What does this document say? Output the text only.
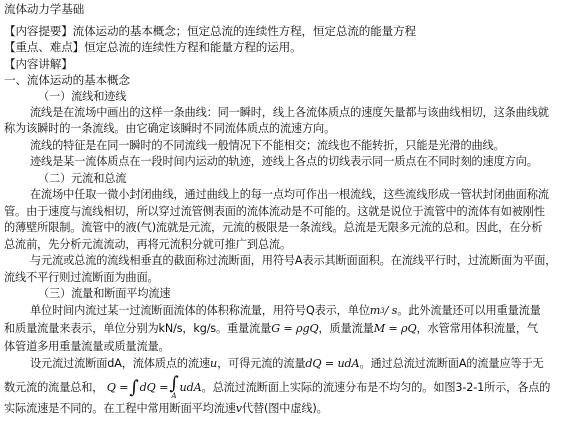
流体动力学基础
【内容提要】流体运动的基本概念；恒定总流的连续性方程，恒定总流的能量方程
【重点、难点】恒定总流的连续性方程和能量方程的运用。
【内容讲解】
一、流体运动的基本概念
（一）流线和迹线
流线是在流场中画出的这样一条曲线：同一瞬时，线上各流体质点的速度矢量都与该曲线相切，这条曲线就
称为该瞬时的一条流线。由它确定该瞬时不同流体质点的流速方向。
流线的特征是在同一瞬时的不同流线一般情况下不能相交；流线也不能转折，只能是光滑的曲线。
迹线是某一流体质点在一段时间内运动的轨迹，迹线上各点的切线表示同一质点在不同时刻的速度方向。
（二）元流和总流
在流场中任取一微小封闭曲线，通过曲线上的每一点均可作出一根流线，这些流线形成一管状封闭曲面称流
管。由于速度与流线相切，所以穿过流管侧表面的流体流动是不可能的。这就是说位于流管中的流体有如被刚性
的薄壁所限制。流管中的液(气)流就是元流，元流的极限是一条流线。总流是无限多元流的总和。因此，在分析
总流前，先分析元流流动，再将元流积分就可推广到总流。
与元流或总流的流线相垂直的截面称过流断面，用符号A表示其断面面积。在流线平行时，过流断面为平面，
流线不平行则过流断面为曲面。
（三）流量和断面平均流速
单位时间内流过某一过流断面流体的体积称流量，用符号Q表示，单位 m 3 / s 。此外流量还可以用重量流量
和质量流量来表示，单位分别为kN/s，kg/s。重量流量G = ρgQ，质量流量M = ρQ，水管常用体积流量，气
体管道多用重量流量或质量流量。
设元流过流断面dA，流体质点的流速u，可得元流的流量dQ = udA。通过总流过流断面A的流量应等于无
数元流的流量总和， Q = ∫ dQ = ∫
A
udA 。总流过流断面上实际的流速分布是不均匀的。如图3-2-1所示，各点的
实际流速是不同的。在工程中常用断面平均流速v代替(图中虚线)。
